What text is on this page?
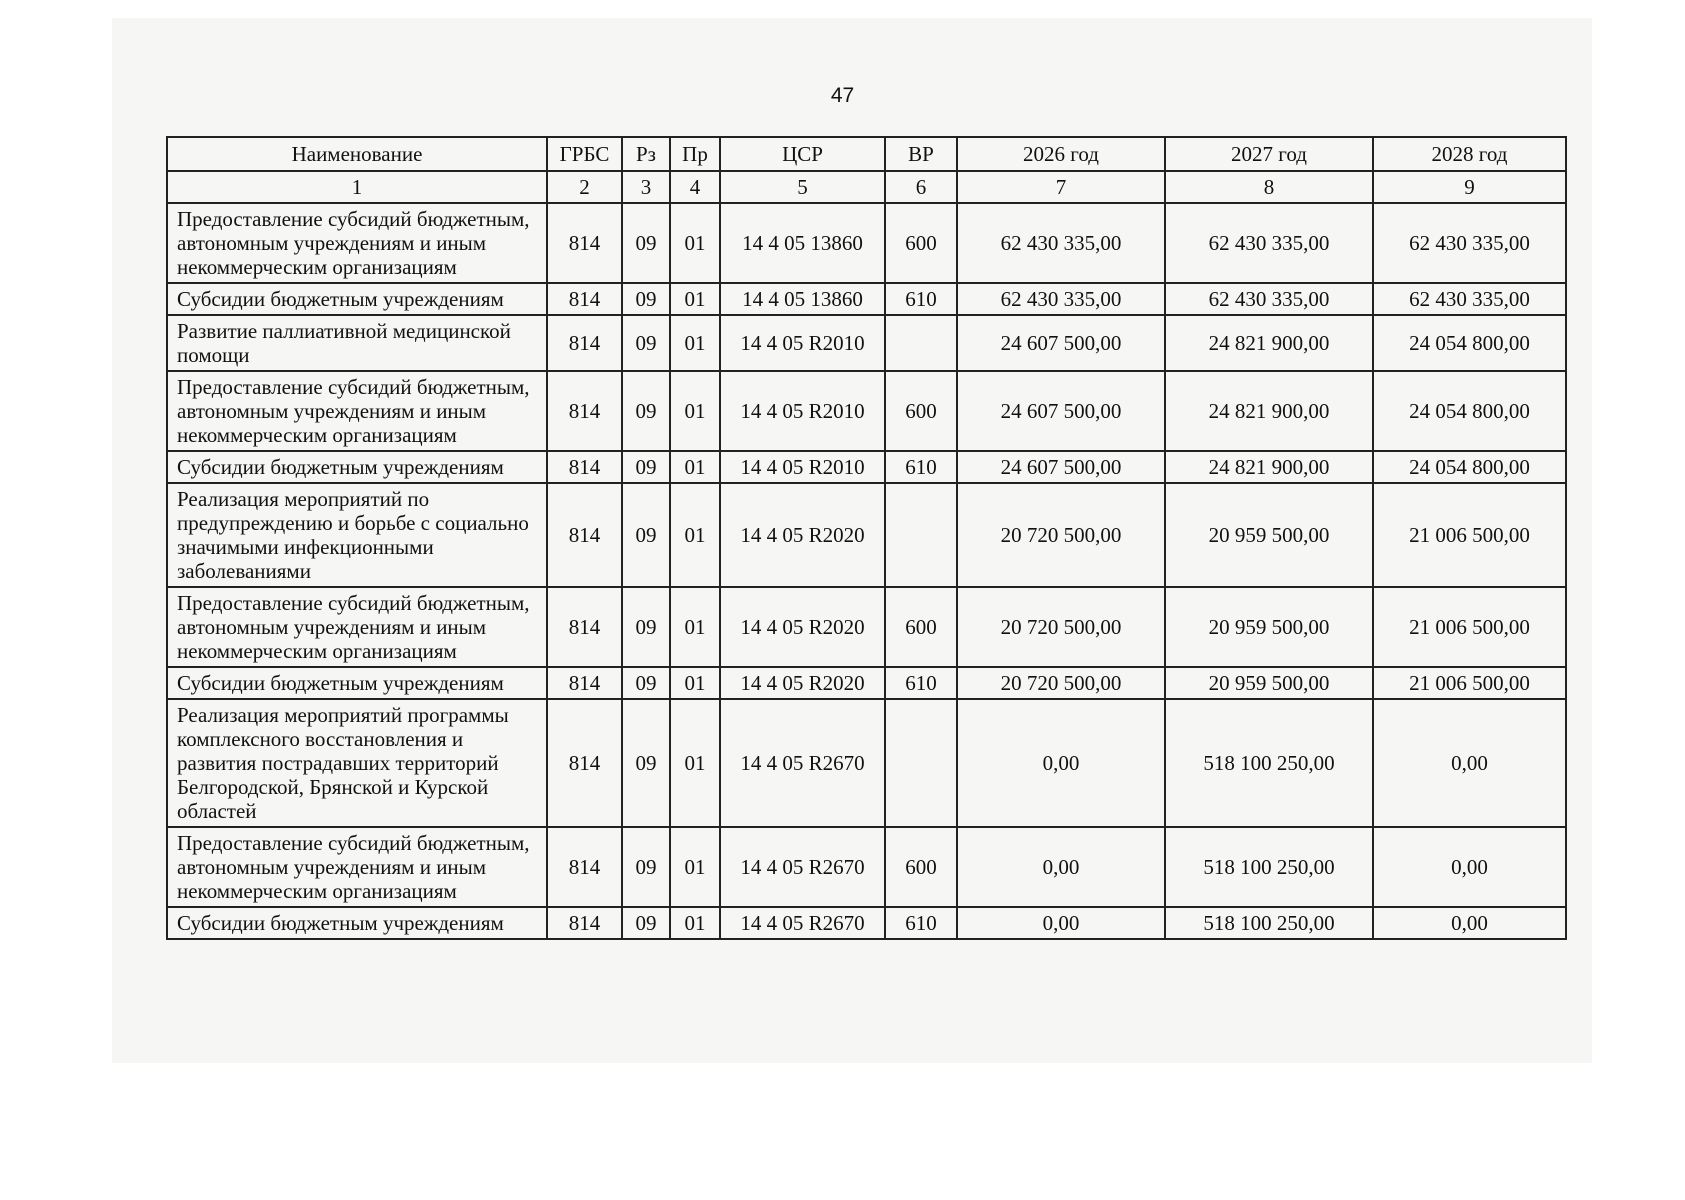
47
Наименование	ГРБС	Рз	Пр	ЦСР	ВР	2026 год	2027 год	2028 год
1	2	3	4	5	6	7	8	9
Предоставление субсидий бюджетным, автономным учреждениям и иным некоммерческим организациям	814	09	01	14 4 05 13860	600	62 430 335,00	62 430 335,00	62 430 335,00
Субсидии бюджетным учреждениям	814	09	01	14 4 05 13860	610	62 430 335,00	62 430 335,00	62 430 335,00
Развитие паллиативной медицинской помощи	814	09	01	14 4 05 R2010		24 607 500,00	24 821 900,00	24 054 800,00
Предоставление субсидий бюджетным, автономным учреждениям и иным некоммерческим организациям	814	09	01	14 4 05 R2010	600	24 607 500,00	24 821 900,00	24 054 800,00
Субсидии бюджетным учреждениям	814	09	01	14 4 05 R2010	610	24 607 500,00	24 821 900,00	24 054 800,00
Реализация мероприятий по предупреждению и борьбе с социально значимыми инфекционными заболеваниями	814	09	01	14 4 05 R2020		20 720 500,00	20 959 500,00	21 006 500,00
Предоставление субсидий бюджетным, автономным учреждениям и иным некоммерческим организациям	814	09	01	14 4 05 R2020	600	20 720 500,00	20 959 500,00	21 006 500,00
Субсидии бюджетным учреждениям	814	09	01	14 4 05 R2020	610	20 720 500,00	20 959 500,00	21 006 500,00
Реализация мероприятий программы комплексного восстановления и развития пострадавших территорий Белгородской, Брянской и Курской областей	814	09	01	14 4 05 R2670		0,00	518 100 250,00	0,00
Предоставление субсидий бюджетным, автономным учреждениям и иным некоммерческим организациям	814	09	01	14 4 05 R2670	600	0,00	518 100 250,00	0,00
Субсидии бюджетным учреждениям	814	09	01	14 4 05 R2670	610	0,00	518 100 250,00	0,00
